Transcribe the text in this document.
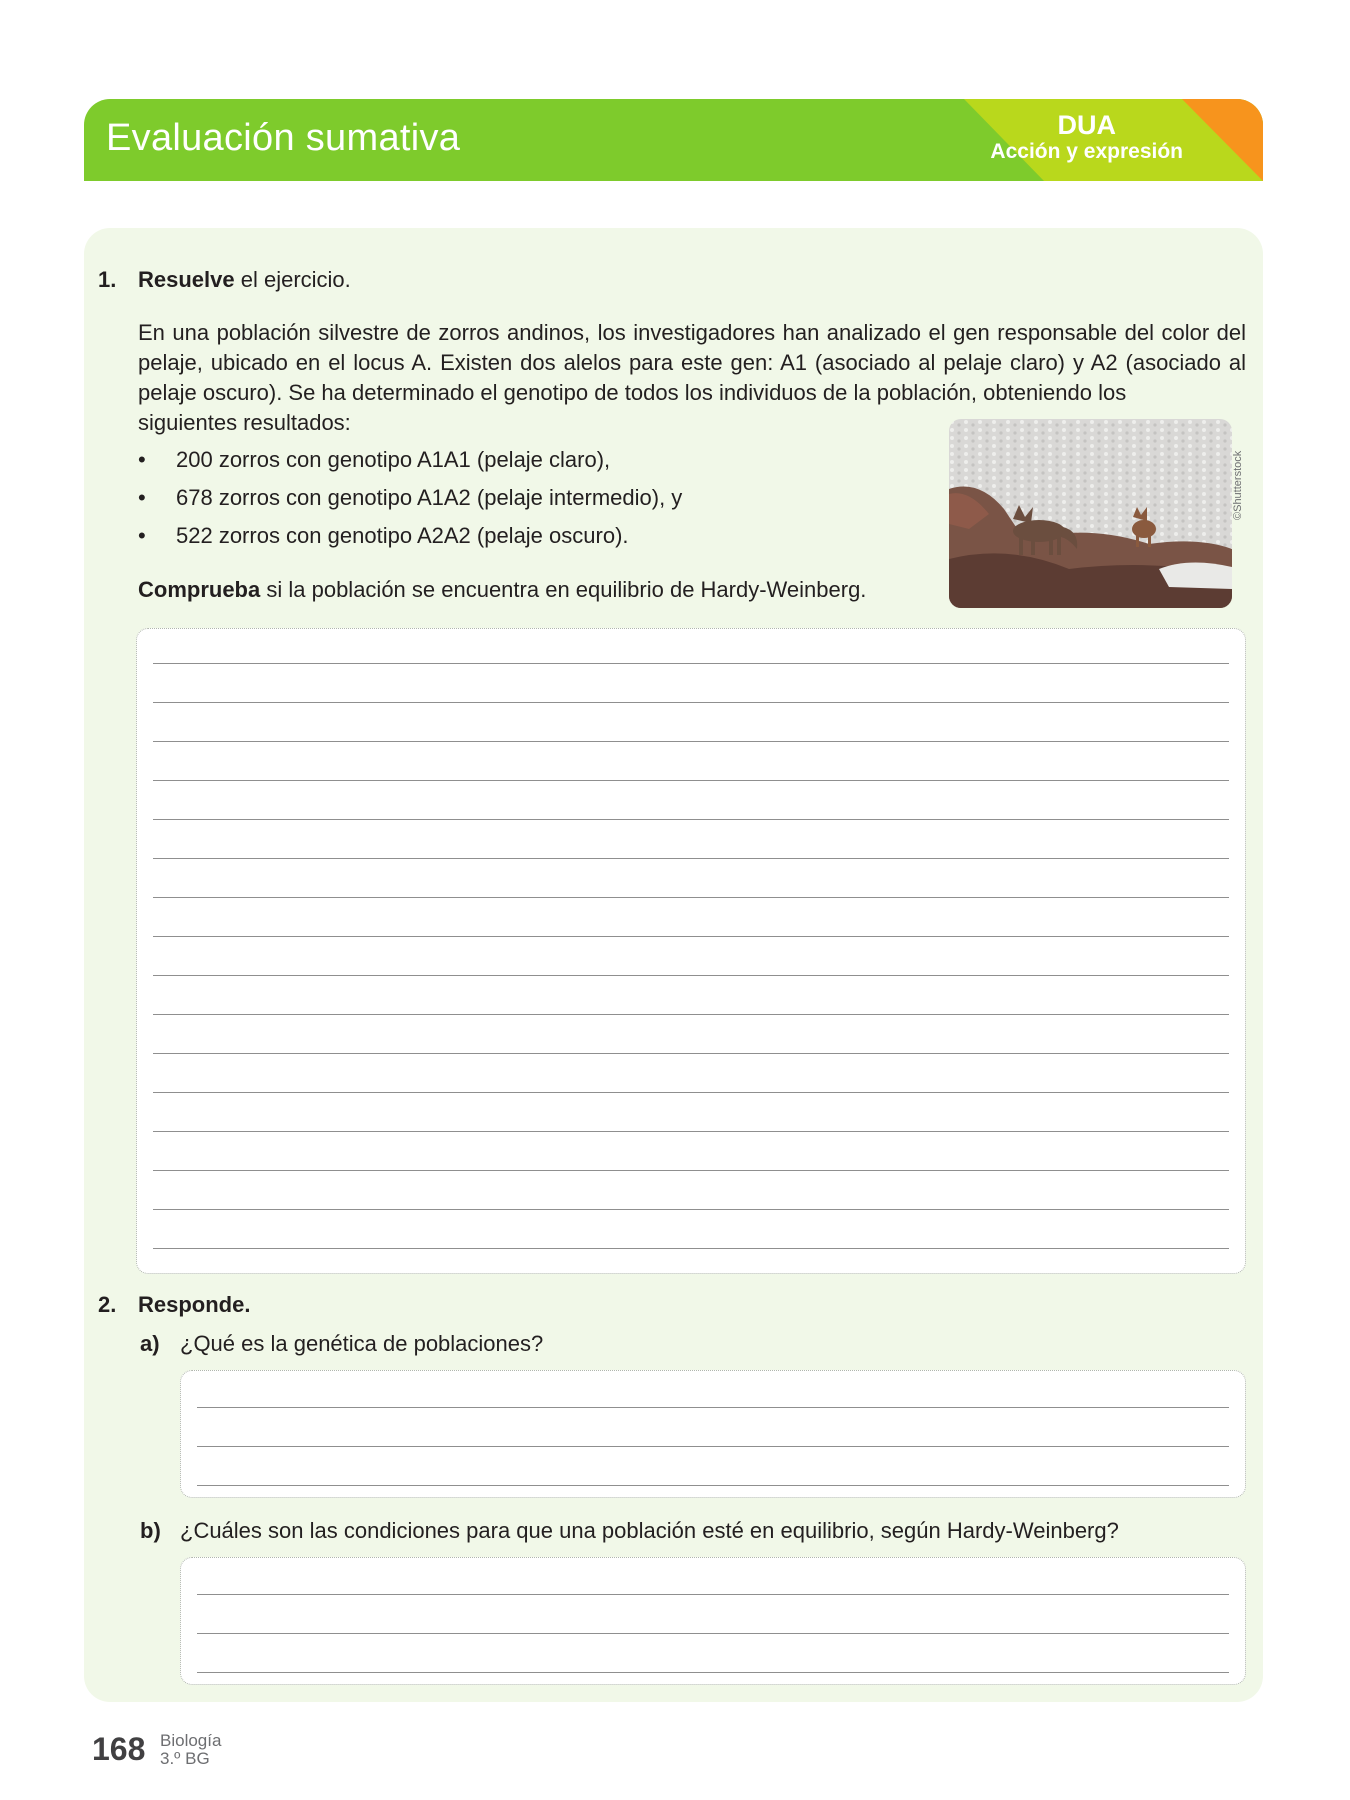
Evaluación sumativa	DUA
Acción y expresión
1. Resuelve el ejercicio.
En una población silvestre de zorros andinos, los investigadores han analizado el gen responsable del color del pelaje, ubicado en el locus A. Existen dos alelos para este gen: A1 (asociado al pelaje claro) y A2 (asociado al pelaje oscuro). Se ha determinado el genotipo de todos los individuos de la población, obteniendo los
siguientes resultados:
• 200 zorros con genotipo A1A1 (pelaje claro),
• 678 zorros con genotipo A1A2 (pelaje intermedio), y
• 522 zorros con genotipo A2A2 (pelaje oscuro).
Comprueba si la población se encuentra en equilibrio de Hardy-Weinberg.
©Shutterstock
2. Responde.
a) ¿Qué es la genética de poblaciones?
b) ¿Cuáles son las condiciones para que una población esté en equilibrio, según Hardy-Weinberg?
168 Biología
3.º BG
